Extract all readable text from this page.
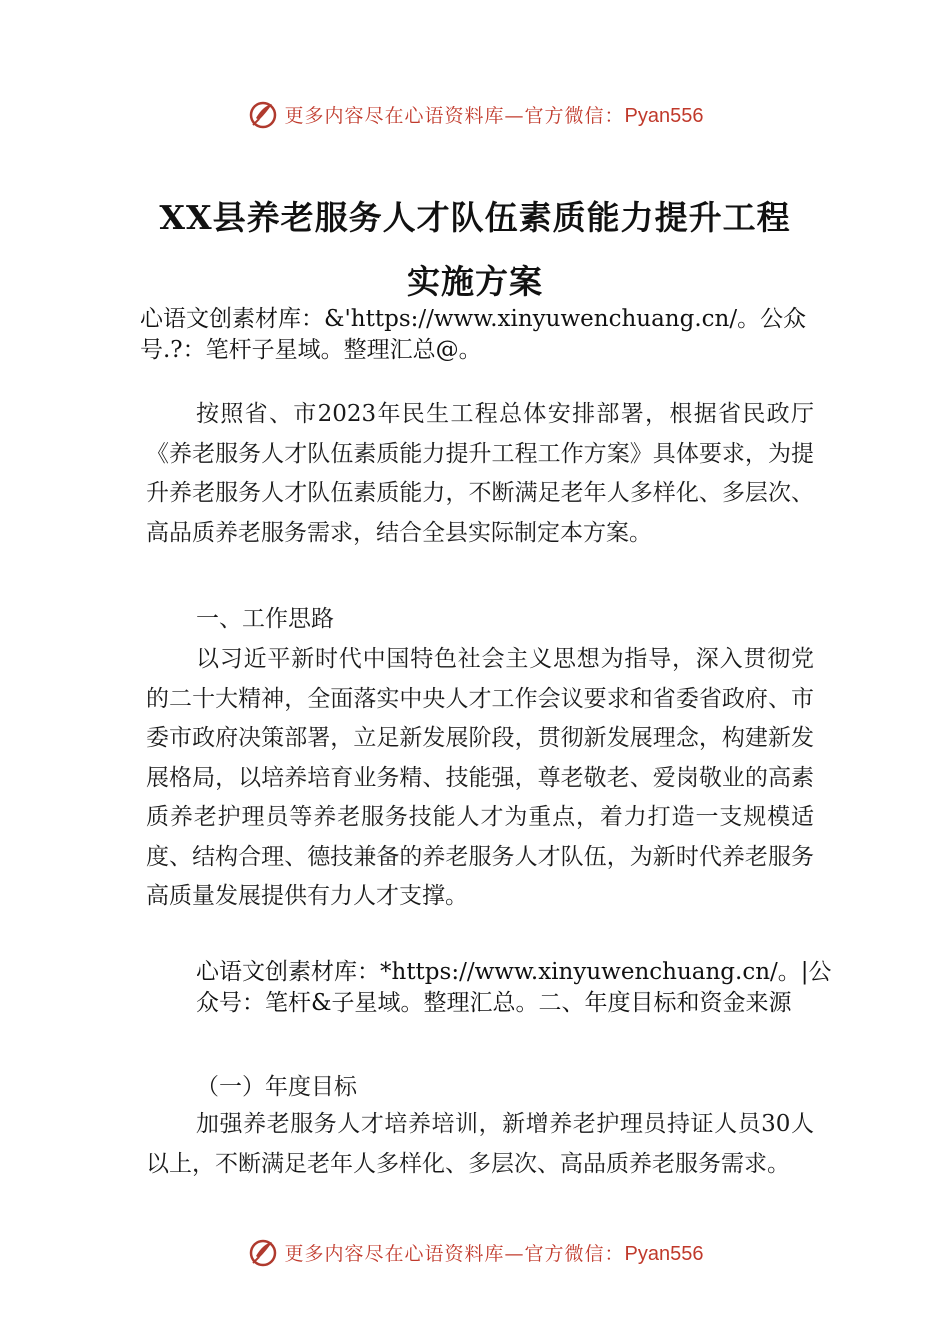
更多内容尽在心语资料库—官方微信：Pyan556
XX县养老服务人才队伍素质能力提升工程
实施方案

心语文创素材库：&'https://www.xinyuwenchuang.cn/。公众号.?：笔杆子星域。整理汇总@。

按照省、市2023年民生工程总体安排部署，根据省民政厅《养老服务人才队伍素质能力提升工程工作方案》具体要求，为提升养老服务人才队伍素质能力，不断满足老年人多样化、多层次、高品质养老服务需求，结合全县实际制定本方案。

一、工作思路

以习近平新时代中国特色社会主义思想为指导，深入贯彻党的二十大精神，全面落实中央人才工作会议要求和省委省政府、市委市政府决策部署，立足新发展阶段，贯彻新发展理念，构建新发展格局，以培养培育业务精、技能强，尊老敬老、爱岗敬业的高素质养老护理员等养老服务技能人才为重点，着力打造一支规模适度、结构合理、德技兼备的养老服务人才队伍，为新时代养老服务高质量发展提供有力人才支撑。

心语文创素材库：*https://www.xinyuwenchuang.cn/。|公众号：笔杆&子星域。整理汇总。二、年度目标和资金来源

（一）年度目标

加强养老服务人才培养培训，新增养老护理员持证人员30人以上，不断满足老年人多样化、多层次、高品质养老服务需求。

更多内容尽在心语资料库—官方微信：Pyan556
